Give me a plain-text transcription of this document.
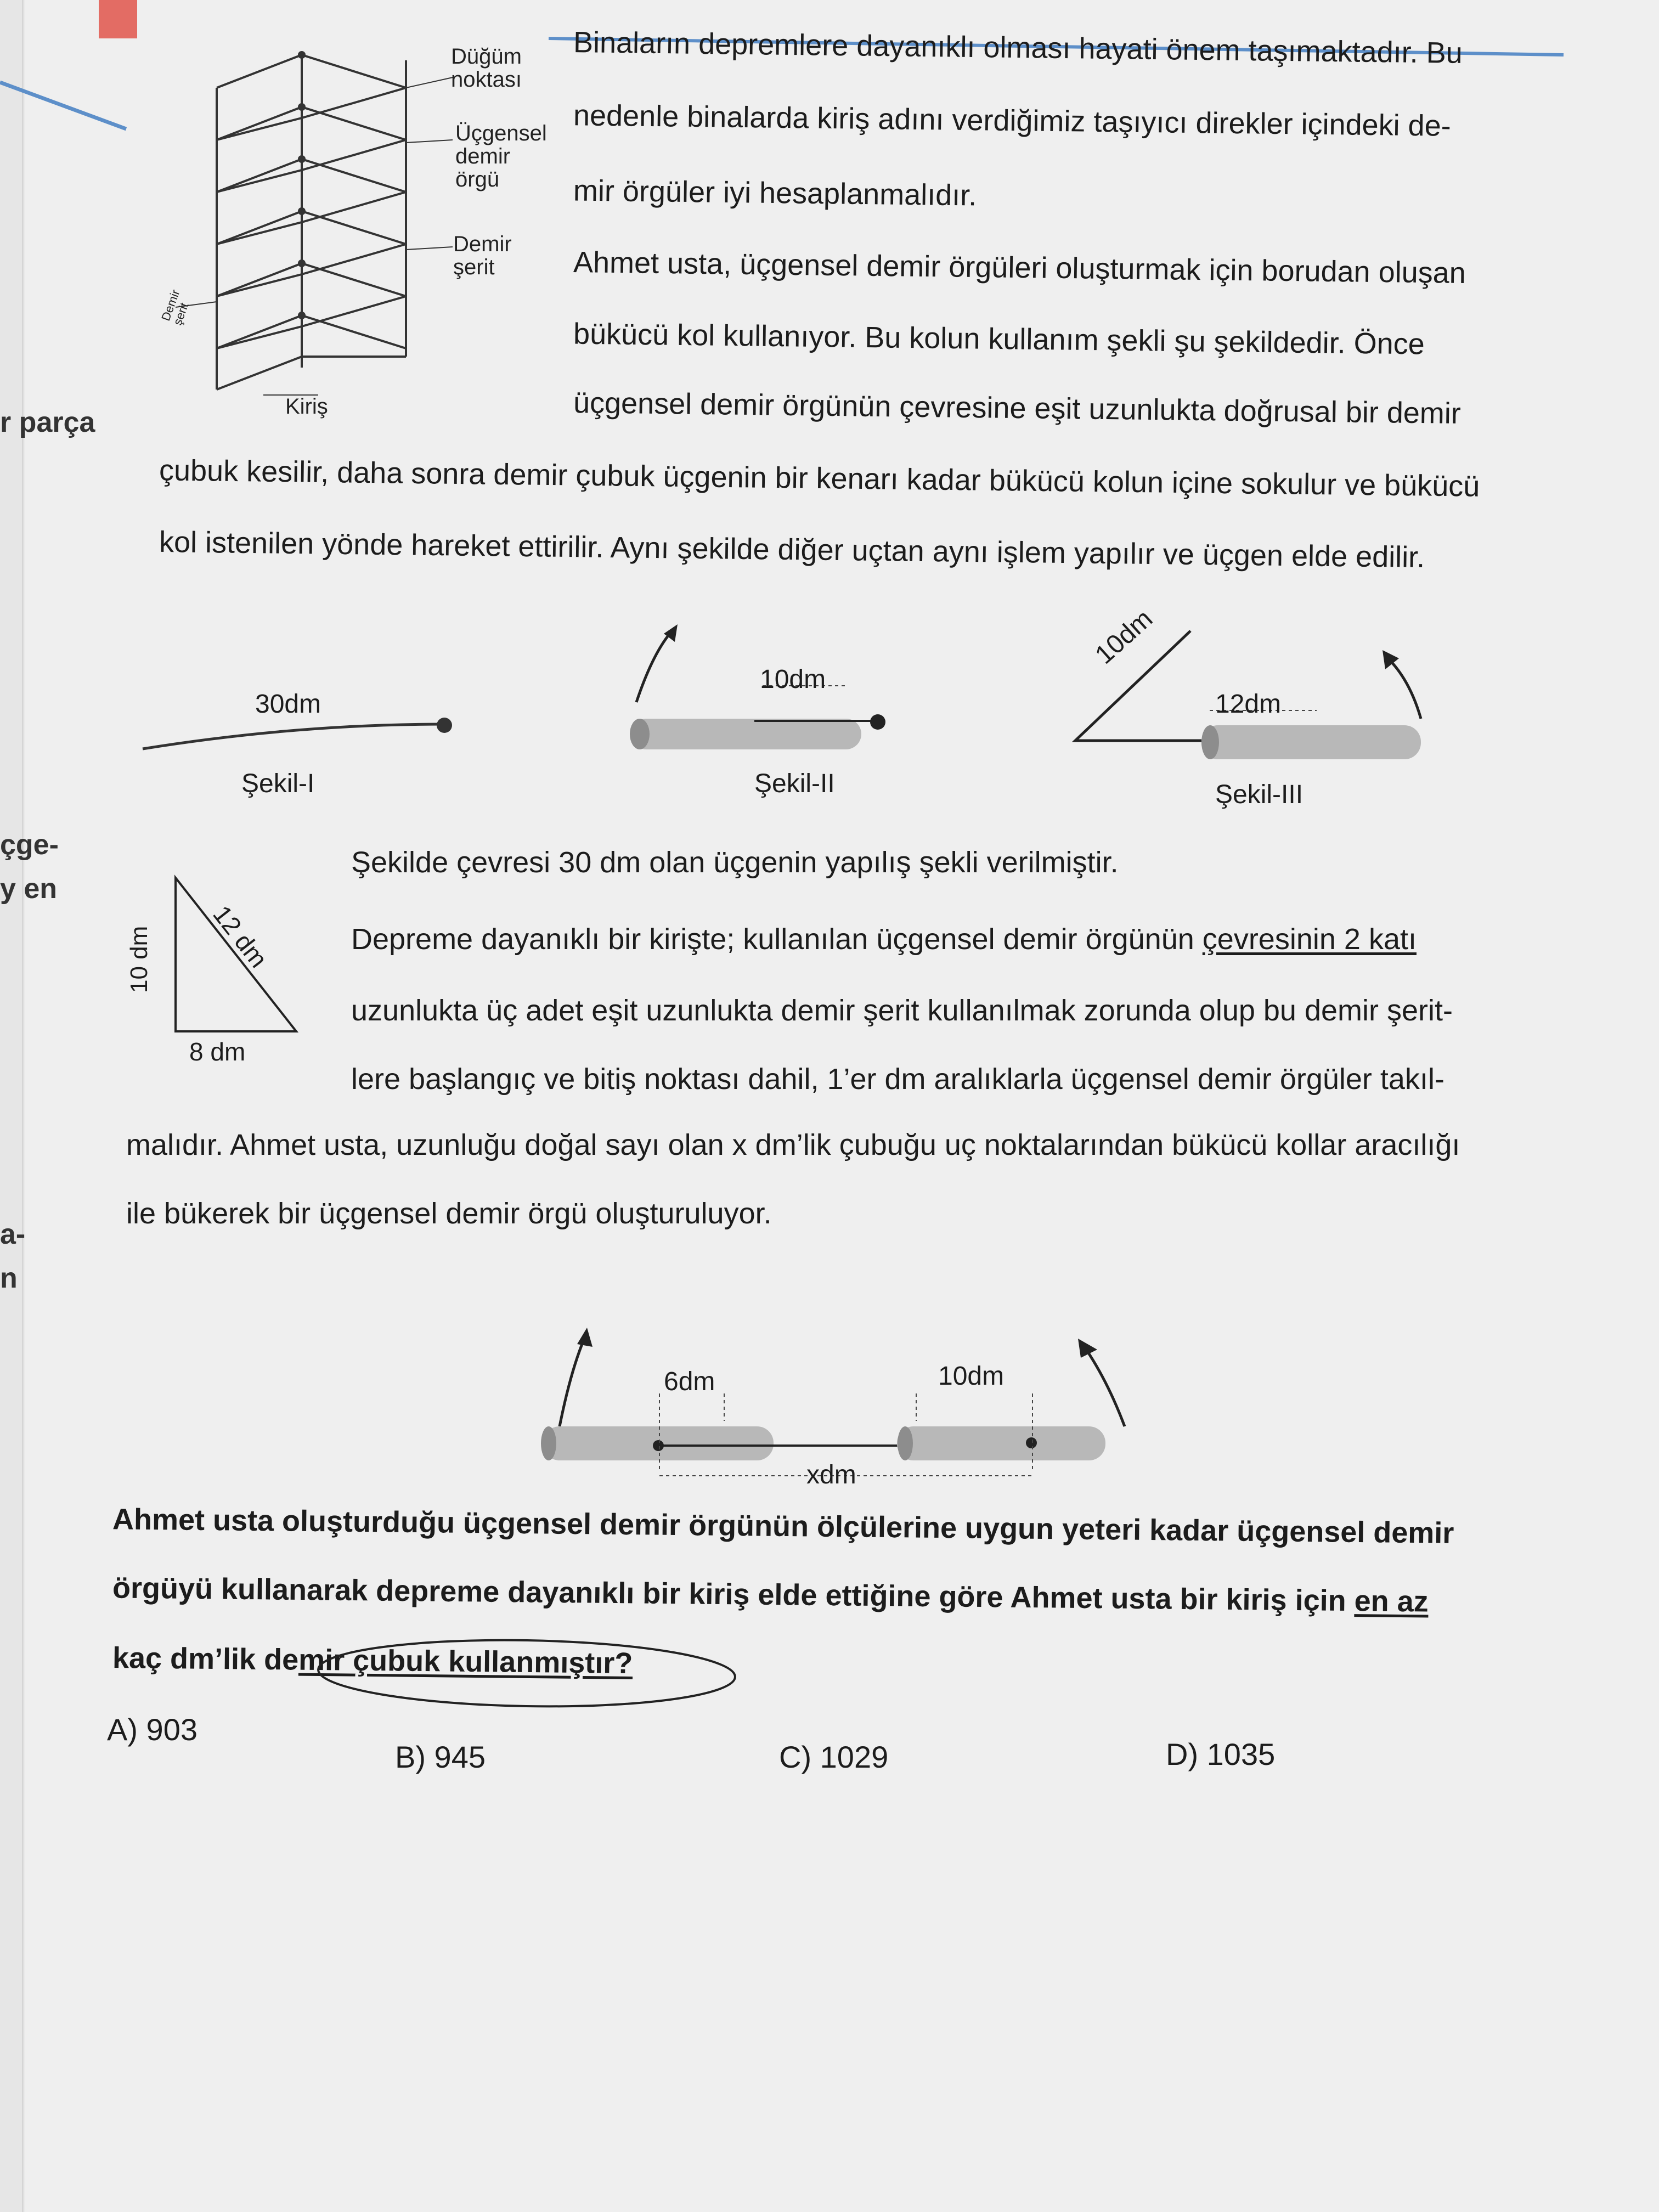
r parça
çge-
y en
a-
n
Düğüm
noktası
Üçgensel
demir
örgü
Demir
şerit
Kiriş
Demir
şerit
Binaların depremlere dayanıklı olması hayati önem taşımaktadır. Bu
nedenle binalarda kiriş adını verdiğimiz taşıyıcı direkler içindeki de-
mir örgüler iyi hesaplanmalıdır.
Ahmet usta, üçgensel demir örgüleri oluşturmak için borudan oluşan
bükücü kol kullanıyor. Bu kolun kullanım şekli şu şekildedir. Önce
üçgensel demir örgünün çevresine eşit uzunlukta doğrusal bir demir
çubuk kesilir, daha sonra demir çubuk üçgenin bir kenarı kadar bükücü kolun içine sokulur ve bükücü
kol istenilen yönde hareket ettirilir. Aynı şekilde diğer uçtan aynı işlem yapılır ve üçgen elde edilir.
30dm
Şekil-I
10dm
Şekil-II
10dm
12dm
Şekil-III
10 dm
8 dm
12 dm
Şekilde çevresi 30 dm olan üçgenin yapılış şekli verilmiştir.
Depreme dayanıklı bir kirişte; kullanılan üçgensel demir örgünün çevresinin 2 katı
uzunlukta üç adet eşit uzunlukta demir şerit kullanılmak zorunda olup bu demir şerit-
lere başlangıç ve bitiş noktası dahil, 1’er dm aralıklarla üçgensel demir örgüler takıl-
malıdır. Ahmet usta, uzunluğu doğal sayı olan x dm’lik çubuğu uç noktalarından bükücü kollar aracılığı
ile bükerek bir üçgensel demir örgü oluşturuluyor.
6dm	10dm
xdm
Ahmet usta oluşturduğu üçgensel demir örgünün ölçülerine uygun yeteri kadar üçgensel demir
örgüyü kullanarak depreme dayanıklı bir kiriş elde ettiğine göre Ahmet usta bir kiriş için en az
kaç dm’lik demir çubuk kullanmıştır?
A) 903
B) 945	C) 1029	D) 1035
